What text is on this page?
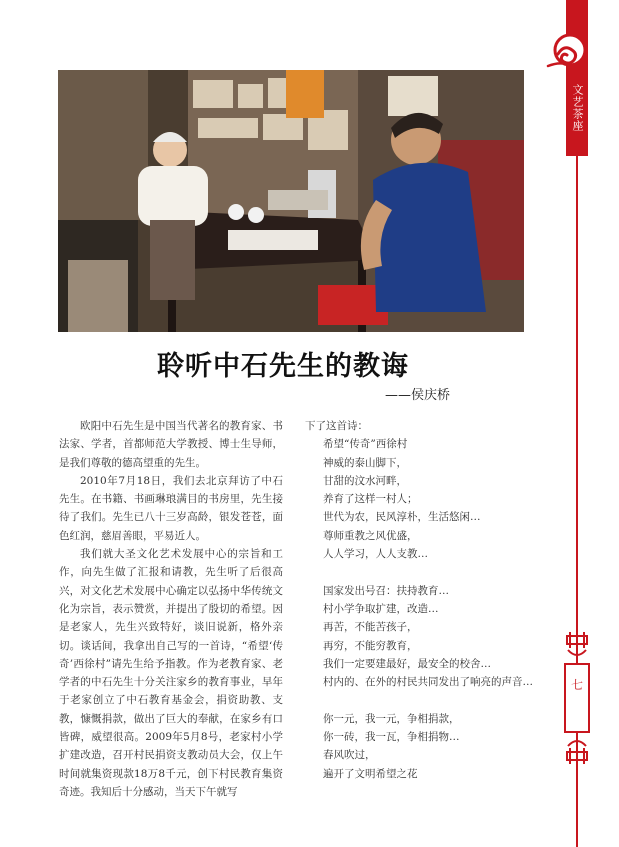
文艺茶座
七
聆听中石先生的教诲
——侯庆桥

欧阳中石先生是中国当代著名的教育家、书法家、学者，首都师范大学教授、博士生导师，是我们尊敬的德高望重的先生。

2010年7月18日，我们去北京拜访了中石先生。在书籍、书画琳琅满目的书房里，先生接待了我们。先生已八十三岁高龄，银发苍苍，面色红润，慈眉善眼，平易近人。

我们就大圣文化艺术发展中心的宗旨和工作，向先生做了汇报和请教，先生听了后很高兴，对文化艺术发展中心确定以弘扬中华传统文化为宗旨，表示赞赏，并提出了殷切的希望。因是老家人，先生兴致特好，谈旧说新，格外亲切。谈话间，我拿出自己写的一首诗，“希望‘传奇’西徐村”请先生给予指教。作为老教育家、老学者的中石先生十分关注家乡的教育事业，早年于老家创立了中石教育基金会，捐资助教、支教，慷慨捐款，做出了巨大的奉献，在家乡有口皆碑，威望很高。2009年5月8号，老家村小学扩建改造，召开村民捐资支教动员大会，仅上午时间就集资现款18万8千元，创下村民教育集资奇迹。我知后十分感动，当天下午就写

下了这首诗：

希望“传奇”西徐村
神威的泰山脚下，
甘甜的汶水河畔，
养育了这样一村人；
世代为农，民风淳朴，生活悠闲…
尊师重教之风优盛，
人人学习，人人支教…
国家发出号召：扶持教育…
村小学争取扩建，改造…
再苦，不能苦孩子，
再穷，不能穷教育，
我们一定要建最好，最安全的校舍…
村内的、在外的村民共同发出了响亮的声音…
你一元，我一元，争相捐款，
你一砖，我一瓦，争相捐物…
春风吹过，
遍开了文明希望之花
